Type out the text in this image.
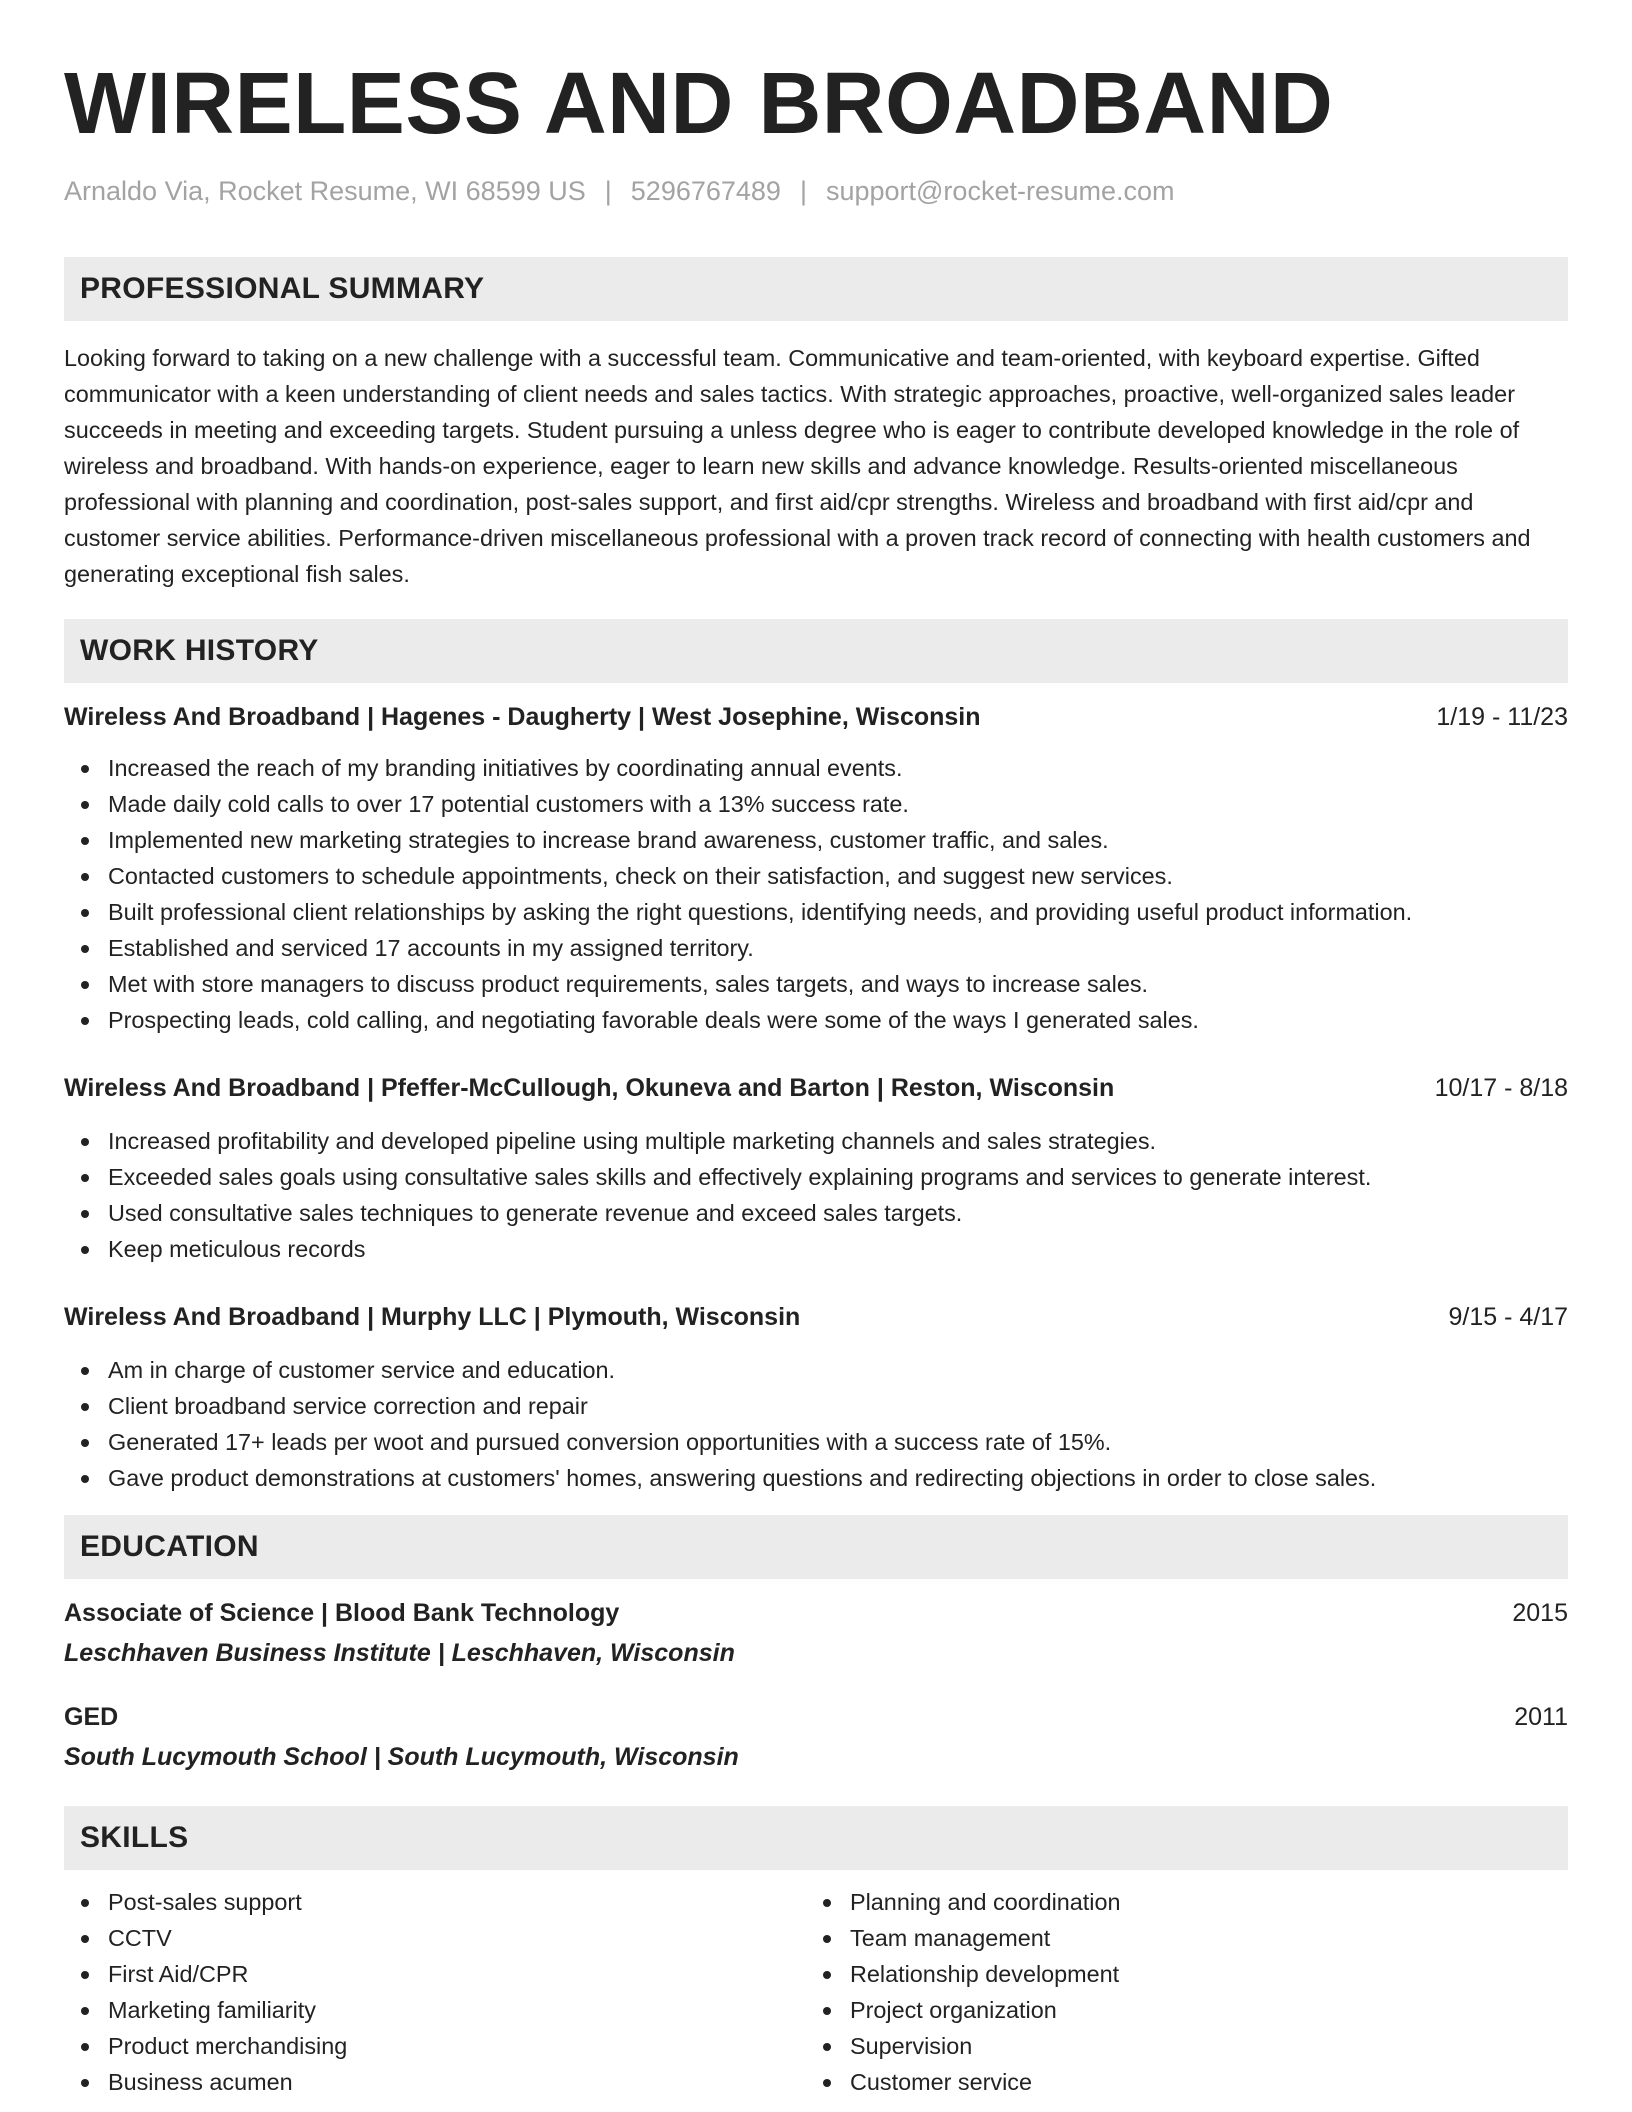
WIRELESS AND BROADBAND
Arnaldo Via, Rocket Resume, WI 68599 US | 5296767489 | support@rocket-resume.com
PROFESSIONAL SUMMARY

Looking forward to taking on a new challenge with a successful team. Communicative and team-oriented, with keyboard expertise. Gifted communicator with a keen understanding of client needs and sales tactics. With strategic approaches, proactive, well-organized sales leader succeeds in meeting and exceeding targets. Student pursuing a unless degree who is eager to contribute developed knowledge in the role of wireless and broadband. With hands-on experience, eager to learn new skills and advance knowledge. Results-oriented miscellaneous professional with planning and coordination, post-sales support, and first aid/cpr strengths. Wireless and broadband with first aid/cpr and customer service abilities. Performance-driven miscellaneous professional with a proven track record of connecting with health customers and generating exceptional fish sales.

WORK HISTORY
Wireless And Broadband | Hagenes - Daugherty | West Josephine, Wisconsin	1/19 - 11/23
Increased the reach of my branding initiatives by coordinating annual events.
Made daily cold calls to over 17 potential customers with a 13% success rate.
Implemented new marketing strategies to increase brand awareness, customer traffic, and sales.
Contacted customers to schedule appointments, check on their satisfaction, and suggest new services.
Built professional client relationships by asking the right questions, identifying needs, and providing useful product information.
Established and serviced 17 accounts in my assigned territory.
Met with store managers to discuss product requirements, sales targets, and ways to increase sales.
Prospecting leads, cold calling, and negotiating favorable deals were some of the ways I generated sales.
Wireless And Broadband | Pfeffer-McCullough, Okuneva and Barton | Reston, Wisconsin	10/17 - 8/18
Increased profitability and developed pipeline using multiple marketing channels and sales strategies.
Exceeded sales goals using consultative sales skills and effectively explaining programs and services to generate interest.
Used consultative sales techniques to generate revenue and exceed sales targets.
Keep meticulous records
Wireless And Broadband | Murphy LLC | Plymouth, Wisconsin	9/15 - 4/17
Am in charge of customer service and education.
Client broadband service correction and repair
Generated 17+ leads per woot and pursued conversion opportunities with a success rate of 15%.
Gave product demonstrations at customers' homes, answering questions and redirecting objections in order to close sales.
EDUCATION
Associate of Science | Blood Bank Technology	2015
Leschhaven Business Institute | Leschhaven, Wisconsin
GED	2011
South Lucymouth School | South Lucymouth, Wisconsin
SKILLS
Post-sales support
CCTV
First Aid/CPR
Marketing familiarity
Product merchandising
Business acumen
Planning and coordination
Team management
Relationship development
Project organization
Supervision
Customer service
